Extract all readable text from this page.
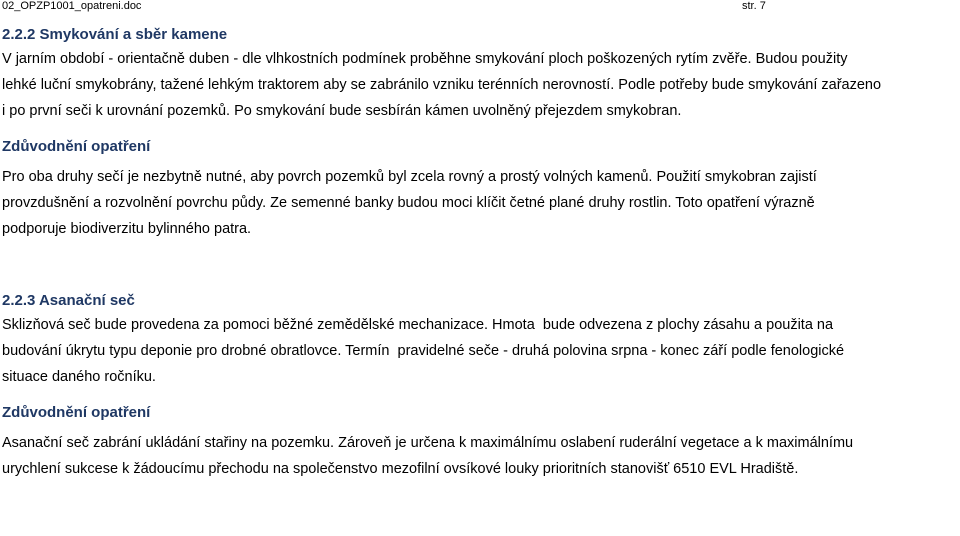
02_OPZP1001_opatreni.doc	str. 7
2.2.2 Smykování a sběr kamene
V jarním období - orientačně duben - dle vlhkostních podmínek proběhne smykování ploch poškozených rytím zvěře. Budou použity
lehké luční smykobrány, tažené lehkým traktorem aby se zabránilo vzniku terénních nerovností. Podle potřeby bude smykování zařazeno
i po první seči k urovnání pozemků. Po smykování bude sesbírán kámen uvolněný přejezdem smykobran.
Zdůvodnění opatření
Pro oba druhy sečí je nezbytně nutné, aby povrch pozemků byl zcela rovný a prostý volných kamenů. Použití smykobran zajistí
provzdušnění a rozvolnění povrchu půdy. Ze semenné banky budou moci klíčit četné plané druhy rostlin. Toto opatření výrazně
podporuje biodiverzitu bylinného patra.
2.2.3 Asanační seč
Sklizňová seč bude provedena za pomoci běžné zemědělské mechanizace. Hmota  bude odvezena z plochy zásahu a použita na
budování úkrytu typu deponie pro drobné obratlovce. Termín  pravidelné seče - druhá polovina srpna - konec září podle fenologické
situace daného ročníku.
Zdůvodnění opatření
Asanační seč zabrání ukládání stařiny na pozemku. Zároveň je určena k maximálnímu oslabení ruderální vegetace a k maximálnímu
urychlení sukcese k žádoucímu přechodu na společenstvo mezofilní ovsíkové louky prioritních stanovišť 6510 EVL Hradiště.
